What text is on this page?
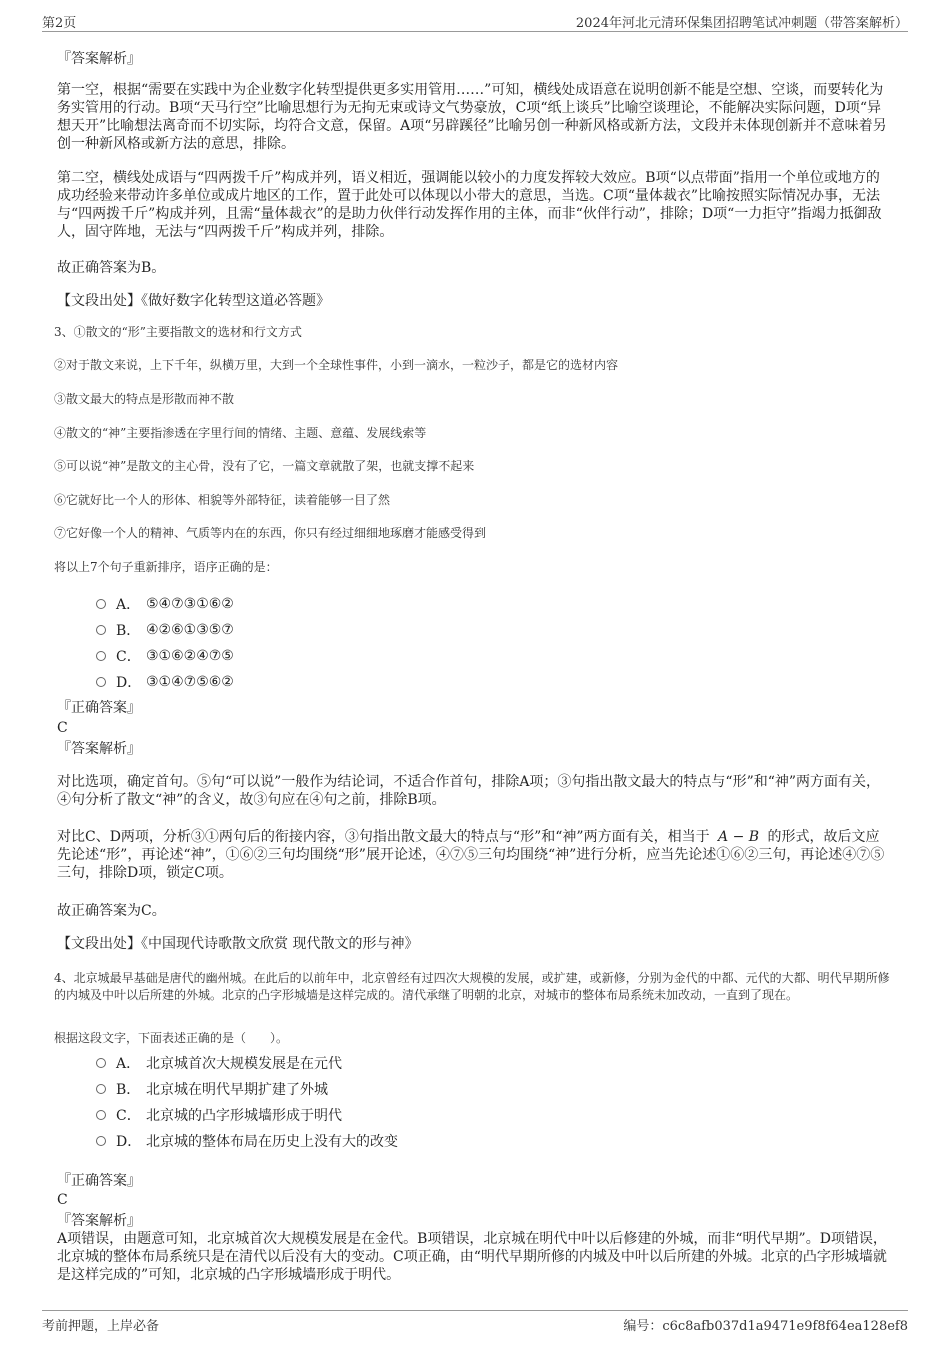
第2页	2024年河北元清环保集团招聘笔试冲刺题（带答案解析）
『答案解析』
第一空，根据“需要在实践中为企业数字化转型提供更多实用管用……”可知，横线处成语意在说明创新不能是空想、空谈，而要转化为务实管用的行动。B项“天马行空”比喻思想行为无拘无束或诗文气势豪放，C项“纸上谈兵”比喻空谈理论，不能解决实际问题，D项“异想天开”比喻想法离奇而不切实际，均符合文意，保留。A项“另辟蹊径”比喻另创一种新风格或新方法，文段并未体现创新并不意味着另创一种新风格或新方法的意思，排除。
第二空，横线处成语与“四两拨千斤”构成并列，语义相近，强调能以较小的力度发挥较大效应。B项“以点带面”指用一个单位或地方的成功经验来带动许多单位或成片地区的工作，置于此处可以体现以小带大的意思，当选。C项“量体裁衣”比喻按照实际情况办事，无法与“四两拨千斤”构成并列，且需“量体裁衣”的是助力伙伴行动发挥作用的主体，而非“伙伴行动”，排除；D项“一力拒守”指竭力抵御敌人，固守阵地，无法与“四两拨千斤”构成并列，排除。
故正确答案为B。
【文段出处】《做好数字化转型这道必答题》
3、①散文的“形”主要指散文的选材和行文方式
②对于散文来说，上下千年，纵横万里，大到一个全球性事件，小到一滴水，一粒沙子，都是它的选材内容
③散文最大的特点是形散而神不散
④散文的“神”主要指渗透在字里行间的情绪、主题、意蕴、发展线索等
⑤可以说“神”是散文的主心骨，没有了它，一篇文章就散了架，也就支撑不起来
⑥它就好比一个人的形体、相貌等外部特征，读着能够一目了然
⑦它好像一个人的精神、气质等内在的东西，你只有经过细细地琢磨才能感受得到
将以上7个句子重新排序，语序正确的是：
A． ⑤④⑦③①⑥②
B． ④②⑥①③⑤⑦
C． ③①⑥②④⑦⑤
D． ③①④⑦⑤⑥②
『正确答案』
C
『答案解析』
对比选项，确定首句。⑤句“可以说”一般作为结论词，不适合作首句，排除A项；③句指出散文最大的特点与“形”和“神”两方面有关，④句分析了散文“神”的含义，故③句应在④句之前，排除B项。
对比C、D两项，分析③①两句后的衔接内容，③句指出散文最大的特点与“形”和“神”两方面有关，相当于 A − B 的形式，故后文应先论述“形”，再论述“神”，①⑥②三句均围绕“形”展开论述，④⑦⑤三句均围绕“神”进行分析，应当先论述①⑥②三句，再论述④⑦⑤三句，排除D项，锁定C项。
故正确答案为C。
【文段出处】《中国现代诗歌散文欣赏 现代散文的形与神》
4、北京城最早基础是唐代的幽州城。在此后的以前年中，北京曾经有过四次大规模的发展，或扩建，或新修，分别为金代的中都、元代的大都、明代早期所修的内城及中叶以后所建的外城。北京的凸字形城墙是这样完成的。清代承继了明朝的北京，对城市的整体布局系统未加改动，一直到了现在。
根据这段文字，下面表述正确的是（　　）。
A． 北京城首次大规模发展是在元代
B． 北京城在明代早期扩建了外城
C． 北京城的凸字形城墙形成于明代
D． 北京城的整体布局在历史上没有大的改变
『正确答案』
C
『答案解析』
A项错误，由题意可知，北京城首次大规模发展是在金代。B项错误，北京城在明代中叶以后修建的外城，而非“明代早期”。D项错误，北京城的整体布局系统只是在清代以后没有大的变动。C项正确，由“明代早期所修的内城及中叶以后所建的外城。北京的凸字形城墙就是这样完成的”可知，北京城的凸字形城墙形成于明代。
考前押题，上岸必备	编号：c6c8afb037d1a9471e9f8f64ea128ef8
